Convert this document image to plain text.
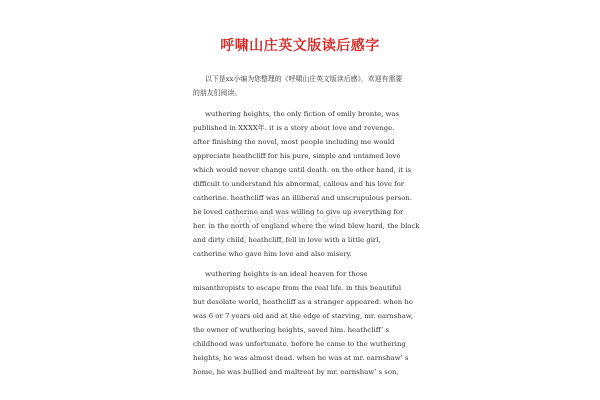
呼啸山庄英文版读后感字
以下是xx小编为您整理的《呼啸山庄英文版读后感》，欢迎有需要
的朋友们阅读。
wuthering heights, the only fiction of emily bronte, was
published in XXXX年. it is a story about love and revenge.
after finishing the novel, most people including me would
appreciate heathcliff for his pure, simple and untamed love
which would never change until death. on the other hand, it is
difficult to understand his abnormal, callous and his love for
catherine. heathcliff was an illiberal and unscrupulous person.
he loved catherine and was willing to give up everything for
her. in the north of england where the wind blew hard, the black
and dirty child, heathcliff, fell in love with a little girl,
catherine who gave him love and also misery.
wuthering heights is an ideal heaven for those
misanthropists to escape from the real life. in this beautiful
but desolate world, heathcliff as a stranger appeared. when he
was 6 or 7 years old and at the edge of starving, mr. earnshaw,
the owner of wuthering heights, saved him. heathcliff’ s
childhood was unfortunate. before he came to the wuthering
heights, he was almost dead. when he was at mr. earnshaw’ s
home, he was bullied and maltreat by mr. earnshaw’ s son,
www.bdocx.com
